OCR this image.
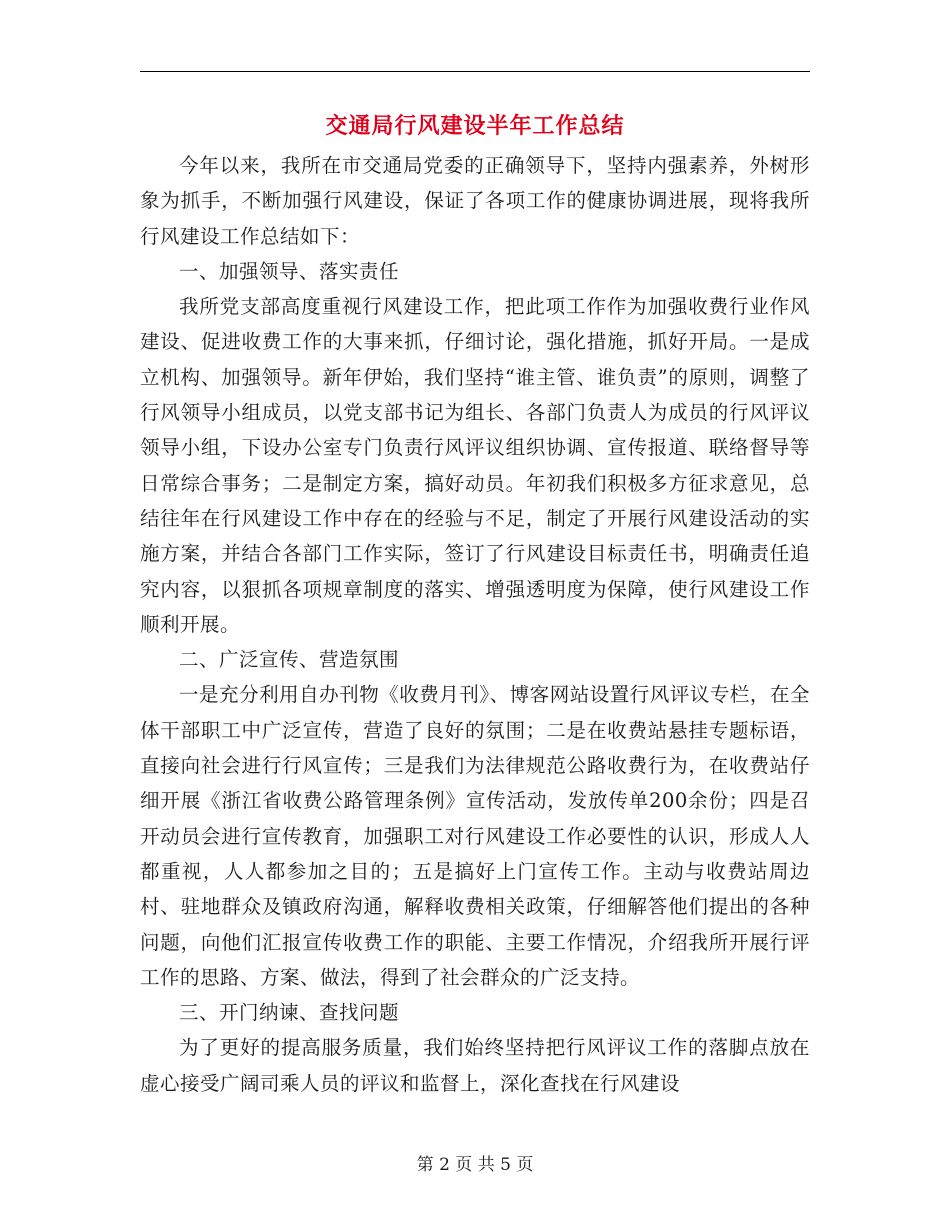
交通局行风建设半年工作总结

今年以来，我所在市交通局党委的正确领导下，坚持内强素养，外树形象为抓手，不断加强行风建设，保证了各项工作的健康协调进展，现将我所行风建设工作总结如下：

一、加强领导、落实责任

我所党支部高度重视行风建设工作，把此项工作作为加强收费行业作风建设、促进收费工作的大事来抓，仔细讨论，强化措施，抓好开局。一是成立机构、加强领导。新年伊始，我们坚持“谁主管、谁负责”的原则，调整了行风领导小组成员，以党支部书记为组长、各部门负责人为成员的行风评议领导小组，下设办公室专门负责行风评议组织协调、宣传报道、联络督导等日常综合事务；二是制定方案，搞好动员。年初我们积极多方征求意见，总结往年在行风建设工作中存在的经验与不足，制定了开展行风建设活动的实施方案，并结合各部门工作实际，签订了行风建设目标责任书，明确责任追究内容，以狠抓各项规章制度的落实、增强透明度为保障，使行风建设工作顺利开展。

二、广泛宣传、营造氛围

一是充分利用自办刊物《收费月刊》、博客网站设置行风评议专栏，在全体干部职工中广泛宣传，营造了良好的氛围；二是在收费站悬挂专题标语，直接向社会进行行风宣传；三是我们为法律规范公路收费行为，在收费站仔细开展《浙江省收费公路管理条例》宣传活动，发放传单200余份；四是召开动员会进行宣传教育，加强职工对行风建设工作必要性的认识，形成人人都重视，人人都参加之目的；五是搞好上门宣传工作。主动与收费站周边村、驻地群众及镇政府沟通，解释收费相关政策，仔细解答他们提出的各种问题，向他们汇报宣传收费工作的职能、主要工作情况，介绍我所开展行评工作的思路、方案、做法，得到了社会群众的广泛支持。

三、开门纳谏、查找问题

为了更好的提高服务质量，我们始终坚持把行风评议工作的落脚点放在虚心接受广阔司乘人员的评议和监督上，深化查找在行风建设

第 2 页 共 5 页
